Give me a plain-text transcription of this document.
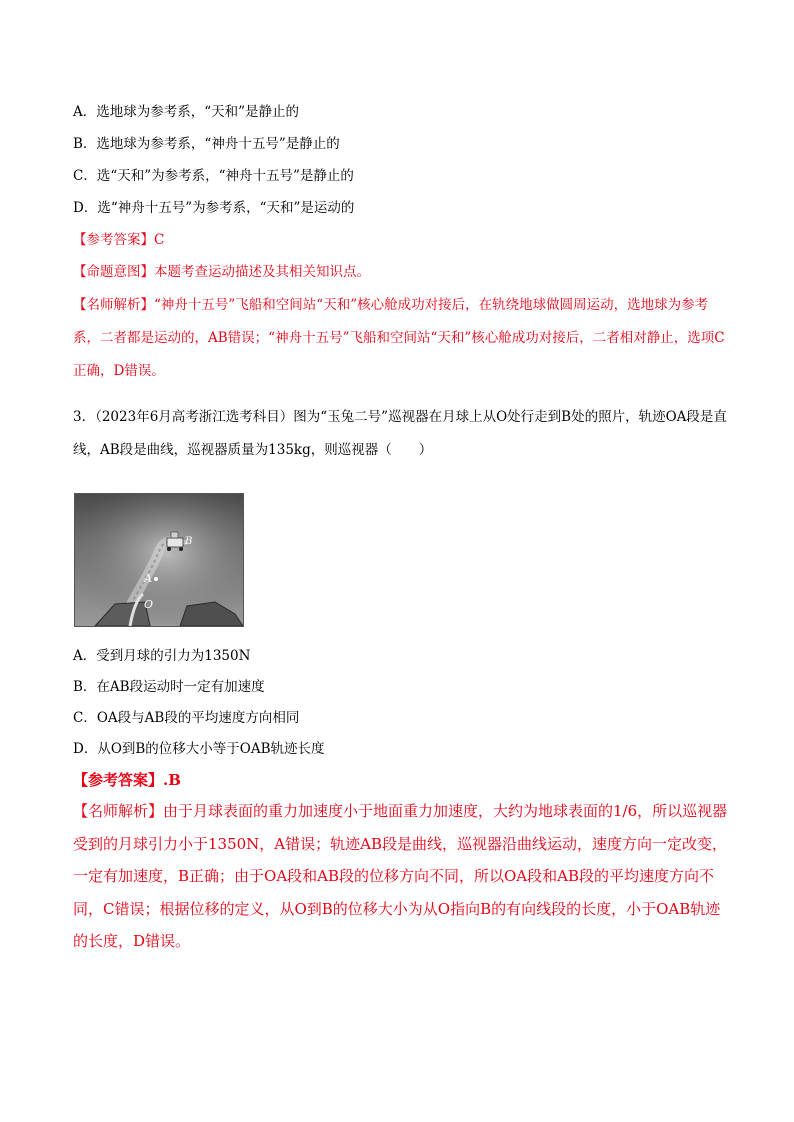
A．选地球为参考系，“天和”是静止的
B．选地球为参考系，“神舟十五号”是静止的
C．选“天和”为参考系，“神舟十五号”是静止的
D．选“神舟十五号”为参考系，“天和”是运动的
【参考答案】C
【命题意图】本题考查运动描述及其相关知识点。
【名师解析】“神舟十五号”飞船和空间站“天和”核心舱成功对接后，在轨绕地球做圆周运动，选地球为参考系，二者都是运动的，AB错误；“神舟十五号”飞船和空间站“天和”核心舱成功对接后，二者相对静止，选项C正确，D错误。
3．（2023年6月高考浙江选考科目）图为“玉兔二号”巡视器在月球上从O处行走到B处的照片，轨迹OA段是直线，AB段是曲线，巡视器质量为135kg，则巡视器（　　）
B
A
O
A．受到月球的引力为1350N
B．在AB段运动时一定有加速度
C．OA段与AB段的平均速度方向相同
D．从O到B的位移大小等于OAB轨迹长度
【参考答案】.B
【名师解析】由于月球表面的重力加速度小于地面重力加速度，大约为地球表面的1/6，所以巡视器受到的月球引力小于1350N，A错误；轨迹AB段是曲线，巡视器沿曲线运动，速度方向一定改变，一定有加速度，B正确；由于OA段和AB段的位移方向不同，所以OA段和AB段的平均速度方向不同，C错误；根据位移的定义，从O到B的位移大小为从O指向B的有向线段的长度，小于OAB轨迹的长度，D错误。
